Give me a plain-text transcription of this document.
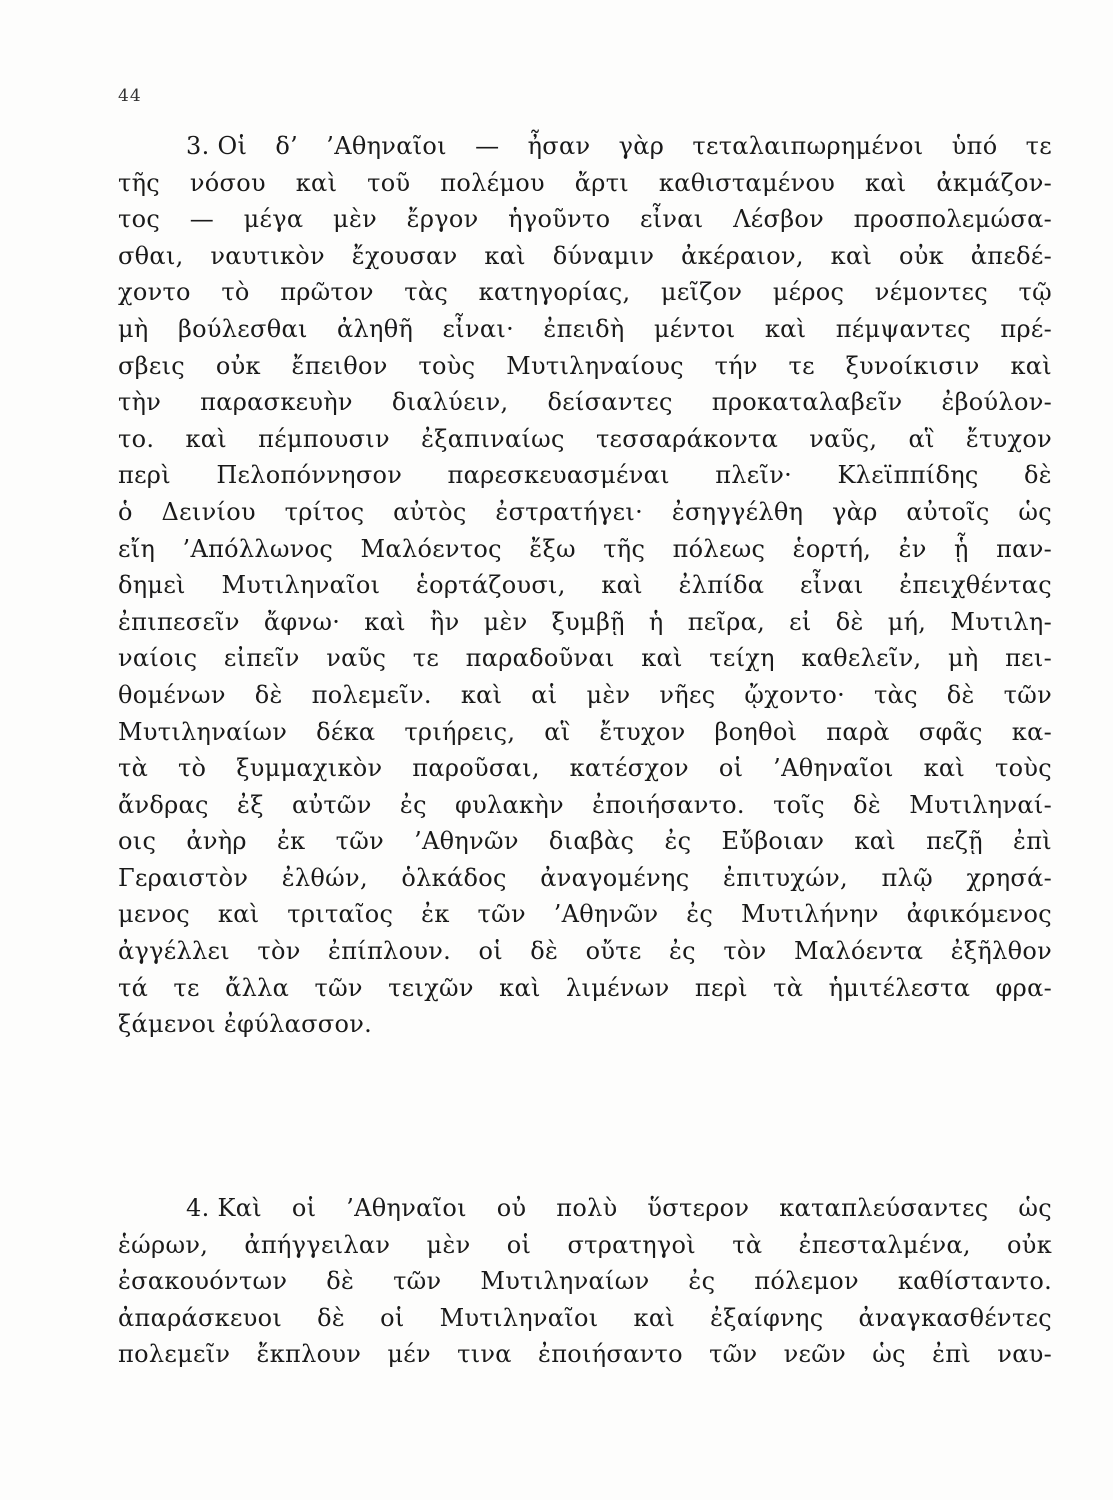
44
3. Οἱ δ’ ’Αθηναῖοι — ἦσαν γὰρ τεταλαιπωρημένοι ὑπό τε
τῆς νόσου καὶ τοῦ πολέμου ἄρτι καθισταμένου καὶ ἀκμάζον-
τος — μέγα μὲν ἔργον ἡγοῦντο εἶναι Λέσβον προσπολεμώσα-
σθαι, ναυτικὸν ἔχουσαν καὶ δύναμιν ἀκέραιον, καὶ οὐκ ἀπεδέ-
χοντο τὸ πρῶτον τὰς κατηγορίας, μεῖζον μέρος νέμοντες τῷ
μὴ βούλεσθαι ἀληθῆ εἶναι· ἐπειδὴ μέντοι καὶ πέμψαντες πρέ-
σβεις οὐκ ἔπειθον τοὺς Μυτιληναίους τήν τε ξυνοίκισιν καὶ
τὴν παρασκευὴν διαλύειν, δείσαντες προκαταλαβεῖν ἐβούλον-
το. καὶ πέμπουσιν ἐξαπιναίως τεσσαράκοντα ναῦς, αἳ ἔτυχον
περὶ Πελοπόννησον παρεσκευασμέναι πλεῖν· Κλεϊππίδης δὲ
ὁ Δεινίου τρίτος αὐτὸς ἐστρατήγει· ἐσηγγέλθη γὰρ αὐτοῖς ὡς
εἴη ’Απόλλωνος Μαλόεντος ἔξω τῆς πόλεως ἑορτή, ἐν ᾗ παν-
δημεὶ Μυτιληναῖοι ἑορτάζουσι, καὶ ἐλπίδα εἶναι ἐπειχθέντας
ἐπιπεσεῖν ἄφνω· καὶ ἢν μὲν ξυμβῇ ἡ πεῖρα, εἰ δὲ μή, Μυτιλη-
ναίοις εἰπεῖν ναῦς τε παραδοῦναι καὶ τείχη καθελεῖν, μὴ πει-
θομένων δὲ πολεμεῖν. καὶ αἱ μὲν νῆες ᾤχοντο· τὰς δὲ τῶν
Μυτιληναίων δέκα τριήρεις, αἳ ἔτυχον βοηθοὶ παρὰ σφᾶς κα-
τὰ τὸ ξυμμαχικὸν παροῦσαι, κατέσχον οἱ ’Αθηναῖοι καὶ τοὺς
ἄνδρας ἐξ αὐτῶν ἐς φυλακὴν ἐποιήσαντο. τοῖς δὲ Μυτιληναί-
οις ἀνὴρ ἐκ τῶν ’Αθηνῶν διαβὰς ἐς Εὔβοιαν καὶ πεζῇ ἐπὶ
Γεραιστὸν ἐλθών, ὁλκάδος ἀναγομένης ἐπιτυχών, πλῷ χρησά-
μενος καὶ τριταῖος ἐκ τῶν ’Αθηνῶν ἐς Μυτιλήνην ἀφικόμενος
ἀγγέλλει τὸν ἐπίπλουν. οἱ δὲ οὔτε ἐς τὸν Μαλόεντα ἐξῆλθον
τά τε ἄλλα τῶν τειχῶν καὶ λιμένων περὶ τὰ ἡμιτέλεστα φρα-
ξάμενοι ἐφύλασσον.
4. Καὶ οἱ ’Αθηναῖοι οὐ πολὺ ὕστερον καταπλεύσαντες ὡς
ἑώρων, ἀπήγγειλαν μὲν οἱ στρατηγοὶ τὰ ἐπεσταλμένα, οὐκ
ἐσακουόντων δὲ τῶν Μυτιληναίων ἐς πόλεμον καθίσταντο.
ἀπαράσκευοι δὲ οἱ Μυτιληναῖοι καὶ ἐξαίφνης ἀναγκασθέντες
πολεμεῖν ἔκπλουν μέν τινα ἐποιήσαντο τῶν νεῶν ὡς ἐπὶ ναυ-
